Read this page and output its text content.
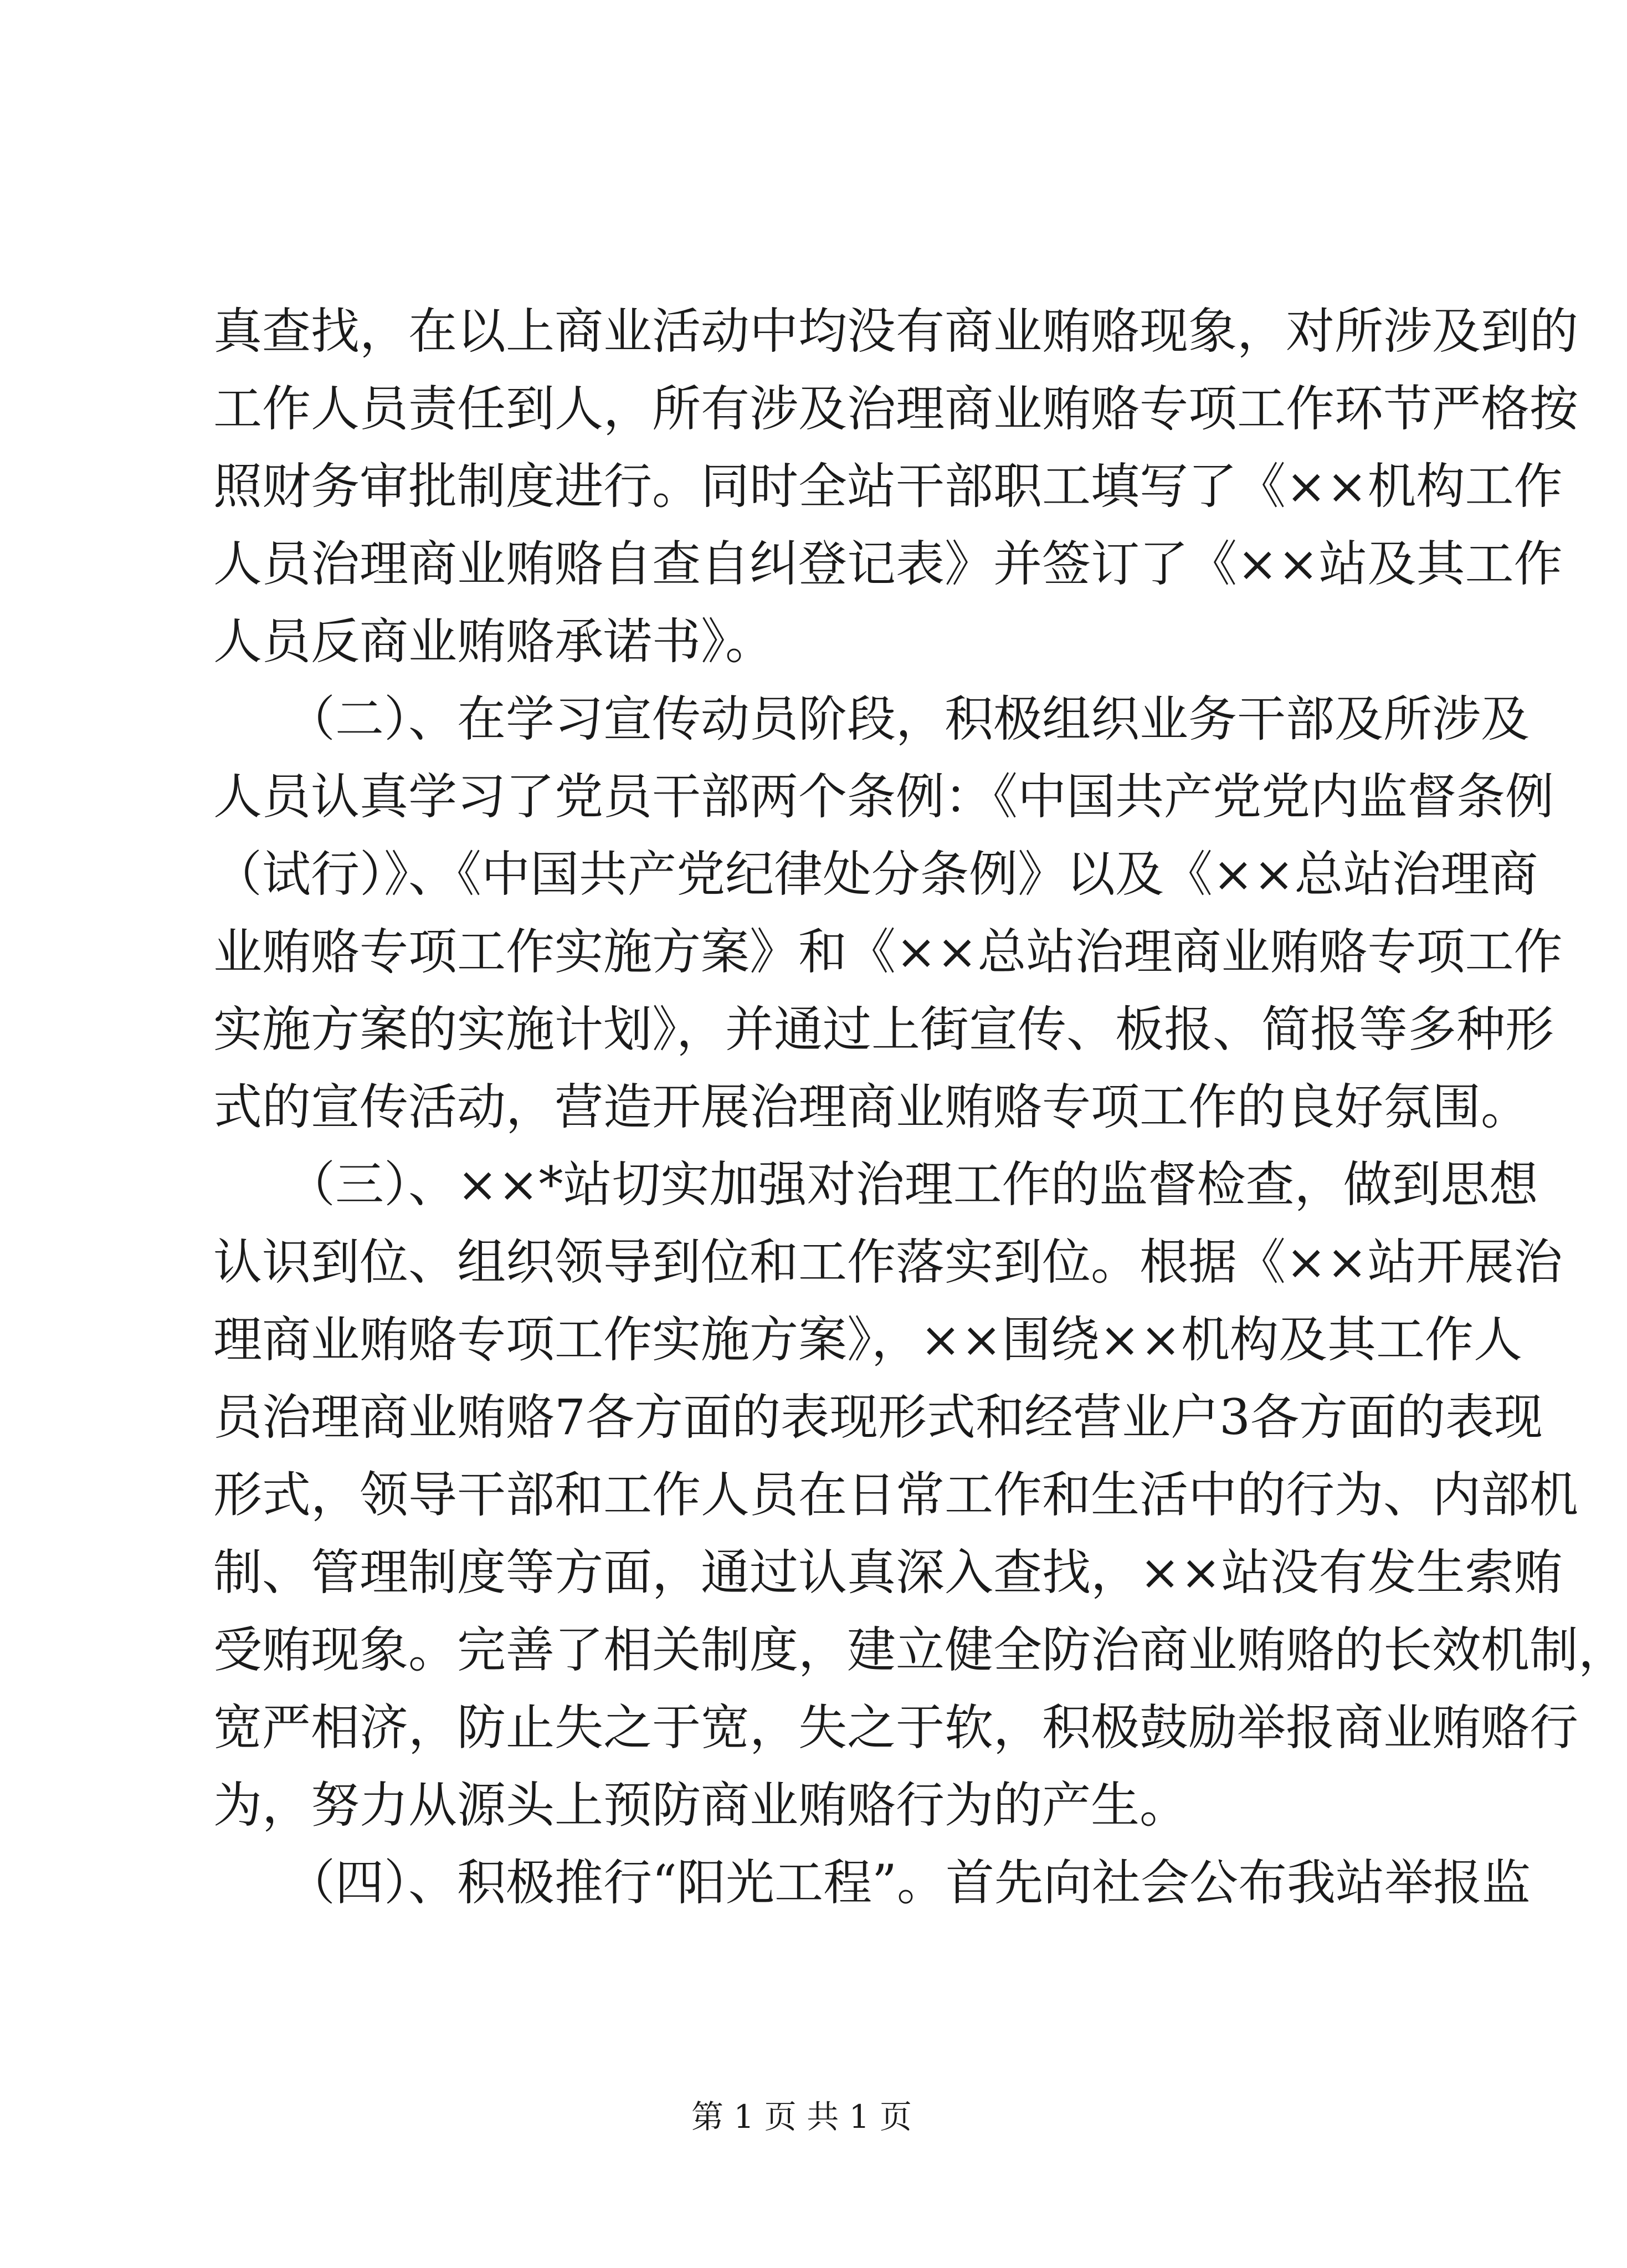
真查找，在以上商业活动中均没有商业贿赂现象，对所涉及到的
工作人员责任到人，所有涉及治理商业贿赂专项工作环节严格按
照财务审批制度进行。同时全站干部职工填写了《××机构工作
人员治理商业贿赂自查自纠登记表》并签订了《××站及其工作
人员反商业贿赂承诺书》。
　　（二）、在学习宣传动员阶段，积极组织业务干部及所涉及
人员认真学习了党员干部两个条例：《中国共产党党内监督条例
（试行）》、《中国共产党纪律处分条例》以及《××总站治理商
业贿赂专项工作实施方案》和《××总站治理商业贿赂专项工作
实施方案的实施计划》，并通过上街宣传、板报、简报等多种形
式的宣传活动，营造开展治理商业贿赂专项工作的良好氛围。
　　（三）、××*站切实加强对治理工作的监督检查，做到思想
认识到位、组织领导到位和工作落实到位。根据《××站开展治
理商业贿赂专项工作实施方案》，××围绕××机构及其工作人
员治理商业贿赂7各方面的表现形式和经营业户3各方面的表现
形式，领导干部和工作人员在日常工作和生活中的行为、内部机
制、管理制度等方面，通过认真深入查找，××站没有发生索贿
受贿现象。完善了相关制度，建立健全防治商业贿赂的长效机制，
宽严相济，防止失之于宽，失之于软，积极鼓励举报商业贿赂行
为，努力从源头上预防商业贿赂行为的产生。
　　（四）、积极推行“阳光工程”。首先向社会公布我站举报监
第 1 页 共 1 页
